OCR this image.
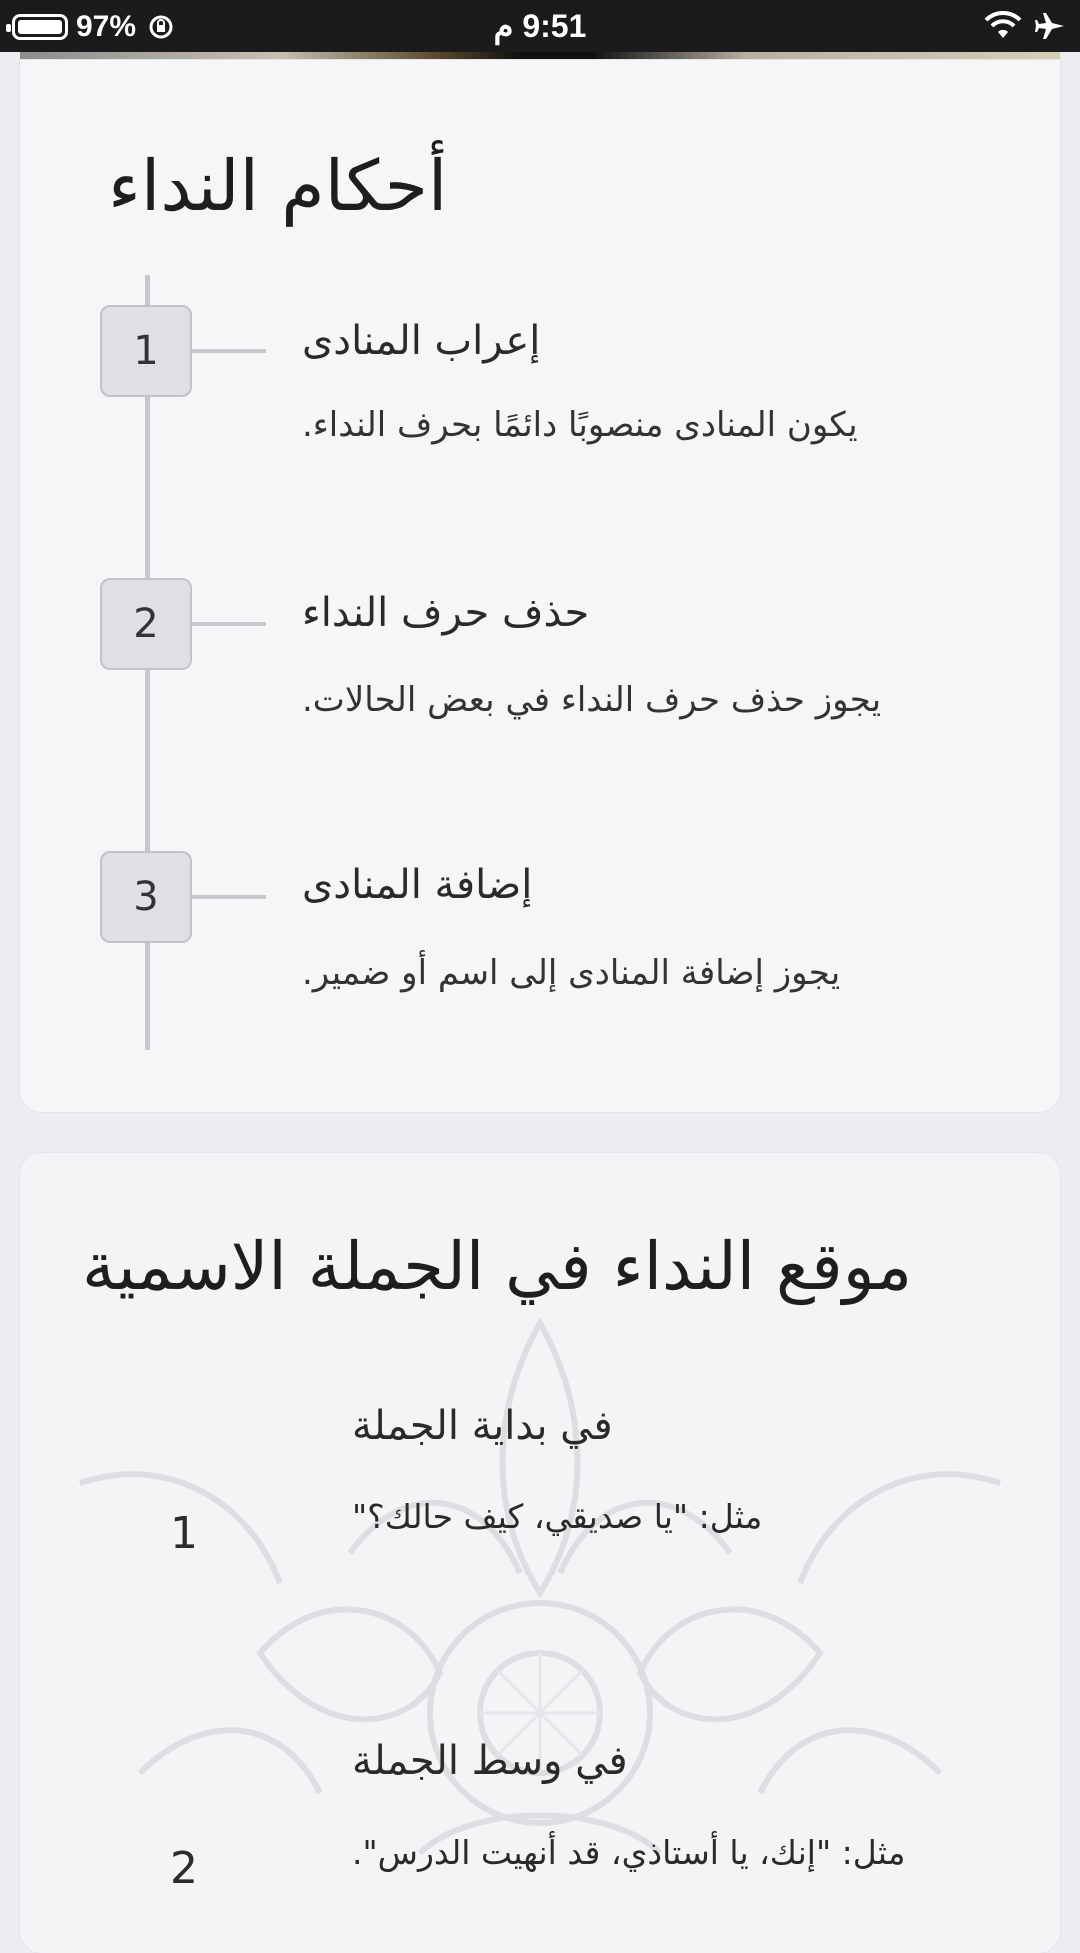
97%	9:51 م
أحكام النداء
1	إعراب المنادى
يكون المنادى منصوبًا دائمًا بحرف النداء.
2	حذف حرف النداء
يجوز حذف حرف النداء في بعض الحالات.
3	إضافة المنادى
يجوز إضافة المنادى إلى اسم أو ضمير.
موقع النداء في الجملة الاسمية
في بداية الجملة
1	مثل: "يا صديقي، كيف حالك؟"
في وسط الجملة
2	مثل: "إنك، يا أستاذي، قد أنهيت الدرس".
